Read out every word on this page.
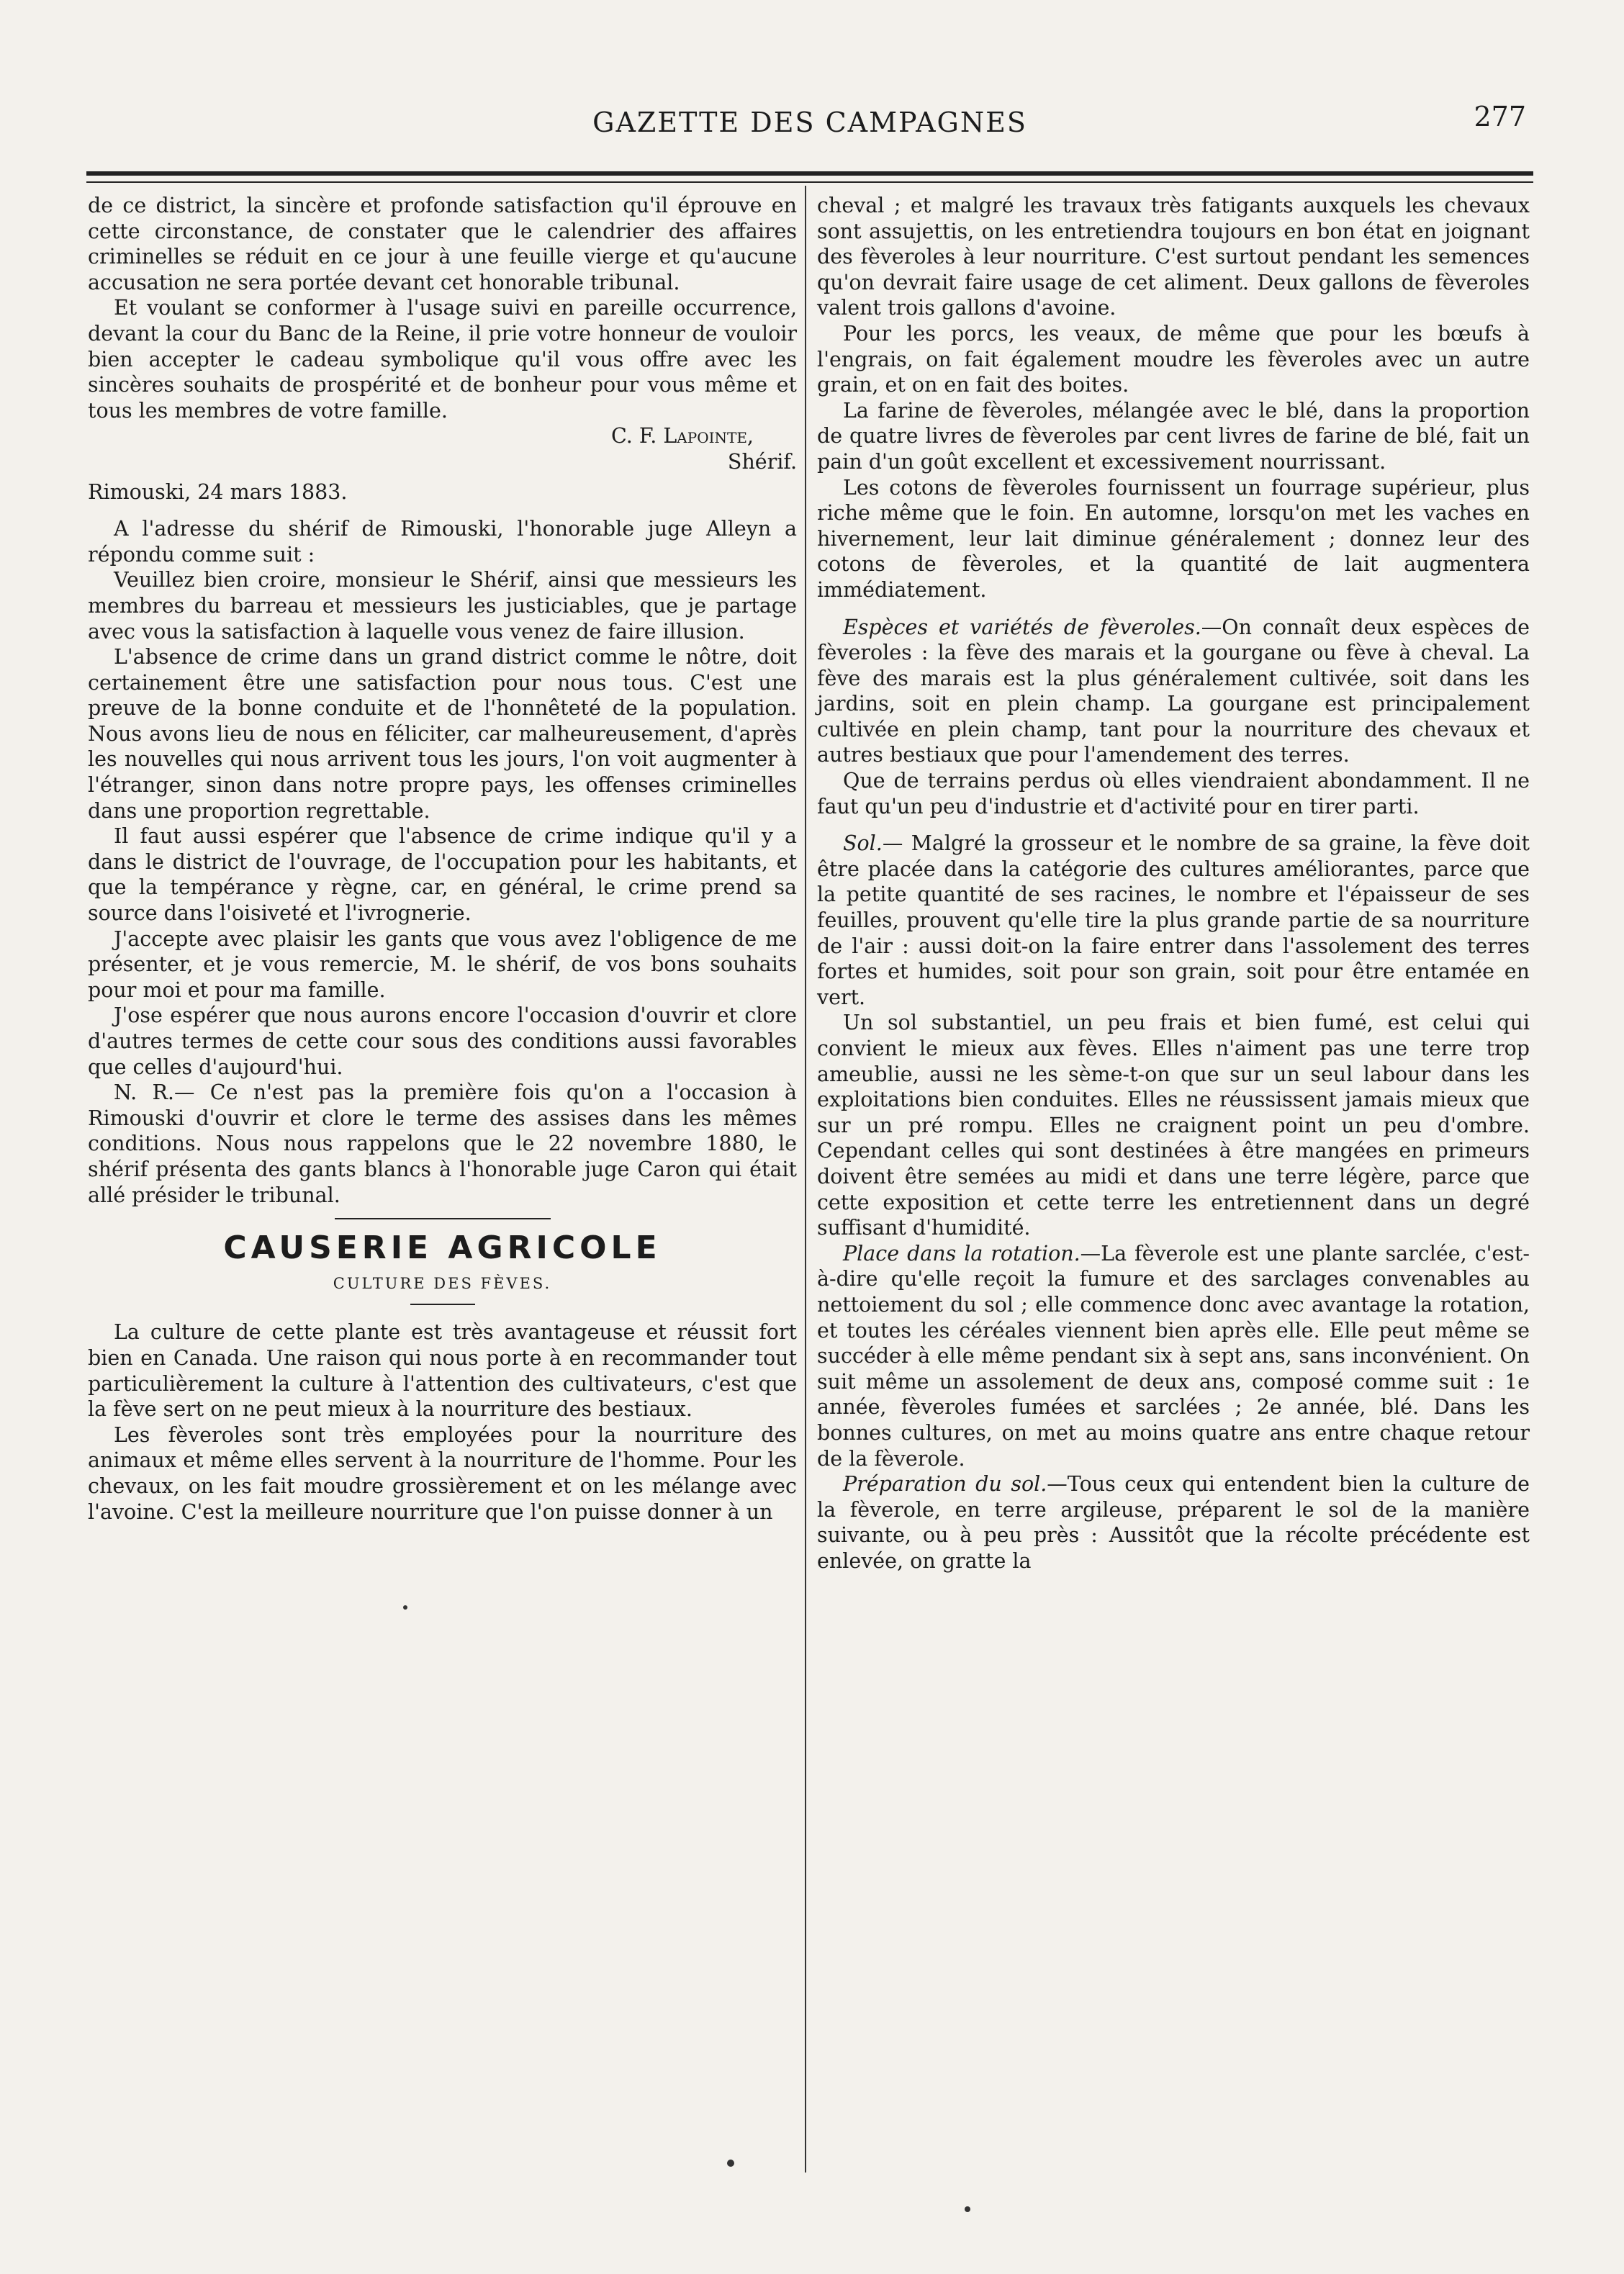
GAZETTE DES CAMPAGNES	277

de ce district, la sincère et profonde satisfaction qu'il éprouve en cette circonstance, de constater que le calendrier des affaires criminelles se réduit en ce jour à une feuille vierge et qu'aucune accusation ne sera portée devant cet honorable tribunal.

Et voulant se conformer à l'usage suivi en pareille occurrence, devant la cour du Banc de la Reine, il prie votre honneur de vouloir bien accepter le cadeau symbolique qu'il vous offre avec les sincères souhaits de prospérité et de bonheur pour vous même et tous les membres de votre famille.

C. F. Lapointe,

Shérif.

Rimouski, 24 mars 1883.

A l'adresse du shérif de Rimouski, l'honorable juge Alleyn a répondu comme suit :

Veuillez bien croire, monsieur le Shérif, ainsi que messieurs les membres du barreau et messieurs les justiciables, que je partage avec vous la satisfaction à laquelle vous venez de faire illusion.

L'absence de crime dans un grand district comme le nôtre, doit certainement être une satisfaction pour nous tous. C'est une preuve de la bonne conduite et de l'honnêteté de la population. Nous avons lieu de nous en féliciter, car malheureusement, d'après les nouvelles qui nous arrivent tous les jours, l'on voit augmenter à l'étranger, sinon dans notre propre pays, les offenses criminelles dans une proportion regrettable.

Il faut aussi espérer que l'absence de crime indique qu'il y a dans le district de l'ouvrage, de l'occupation pour les habitants, et que la tempérance y règne, car, en général, le crime prend sa source dans l'oisiveté et l'ivrognerie.

J'accepte avec plaisir les gants que vous avez l'obligence de me présenter, et je vous remercie, M. le shérif, de vos bons souhaits pour moi et pour ma famille.

J'ose espérer que nous aurons encore l'occasion d'ouvrir et clore d'autres termes de cette cour sous des conditions aussi favorables que celles d'aujourd'hui.

N. R.— Ce n'est pas la première fois qu'on a l'occasion à Rimouski d'ouvrir et clore le terme des assises dans les mêmes conditions. Nous nous rappelons que le 22 novembre 1880, le shérif présenta des gants blancs à l'honorable juge Caron qui était allé présider le tribunal.

CAUSERIE AGRICOLE

CULTURE DES FÈVES.

La culture de cette plante est très avantageuse et réussit fort bien en Canada. Une raison qui nous porte à en recommander tout particulièrement la culture à l'attention des cultivateurs, c'est que la fève sert on ne peut mieux à la nourriture des bestiaux.

Les fèveroles sont très employées pour la nourriture des animaux et même elles servent à la nourriture de l'homme. Pour les chevaux, on les fait moudre grossièrement et on les mélange avec l'avoine. C'est la meilleure nourriture que l'on puisse donner à un

cheval ; et malgré les travaux très fatigants auxquels les chevaux sont assujettis, on les entretiendra toujours en bon état en joignant des fèveroles à leur nourriture. C'est surtout pendant les semences qu'on devrait faire usage de cet aliment. Deux gallons de fèveroles valent trois gallons d'avoine.

Pour les porcs, les veaux, de même que pour les bœufs à l'engrais, on fait également moudre les fèveroles avec un autre grain, et on en fait des boites.

La farine de fèveroles, mélangée avec le blé, dans la proportion de quatre livres de fèveroles par cent livres de farine de blé, fait un pain d'un goût excellent et excessivement nourrissant.

Les cotons de fèveroles fournissent un fourrage supérieur, plus riche même que le foin. En automne, lorsqu'on met les vaches en hivernement, leur lait diminue généralement ; donnez leur des cotons de fèveroles, et la quantité de lait augmentera immédiatement.

Espèces et variétés de fèveroles.—On connaît deux espèces de fèveroles : la fève des marais et la gourgane ou fève à cheval. La fève des marais est la plus généralement cultivée, soit dans les jardins, soit en plein champ. La gourgane est principalement cultivée en plein champ, tant pour la nourriture des chevaux et autres bestiaux que pour l'amendement des terres.

Que de terrains perdus où elles viendraient abondamment. Il ne faut qu'un peu d'industrie et d'activité pour en tirer parti.

Sol.— Malgré la grosseur et le nombre de sa graine, la fève doit être placée dans la catégorie des cultures améliorantes, parce que la petite quantité de ses racines, le nombre et l'épaisseur de ses feuilles, prouvent qu'elle tire la plus grande partie de sa nourriture de l'air : aussi doit-on la faire entrer dans l'assolement des terres fortes et humides, soit pour son grain, soit pour être entamée en vert.

Un sol substantiel, un peu frais et bien fumé, est celui qui convient le mieux aux fèves. Elles n'aiment pas une terre trop ameublie, aussi ne les sème-t-on que sur un seul labour dans les exploitations bien conduites. Elles ne réussissent jamais mieux que sur un pré rompu. Elles ne craignent point un peu d'ombre. Cependant celles qui sont destinées à être mangées en primeurs doivent être semées au midi et dans une terre légère, parce que cette exposition et cette terre les entretiennent dans un degré suffisant d'humidité.

Place dans la rotation.—La fèverole est une plante sarclée, c'est-à-dire qu'elle reçoit la fumure et des sarclages convenables au nettoiement du sol ; elle commence donc avec avantage la rotation, et toutes les céréales viennent bien après elle. Elle peut même se succéder à elle même pendant six à sept ans, sans inconvénient. On suit même un assolement de deux ans, composé comme suit : 1e année, fèveroles fumées et sarclées ; 2e année, blé. Dans les bonnes cultures, on met au moins quatre ans entre chaque retour de la fèverole.

Préparation du sol.—Tous ceux qui entendent bien la culture de la fèverole, en terre argileuse, préparent le sol de la manière suivante, ou à peu près : Aussitôt que la récolte précédente est enlevée, on gratte la
